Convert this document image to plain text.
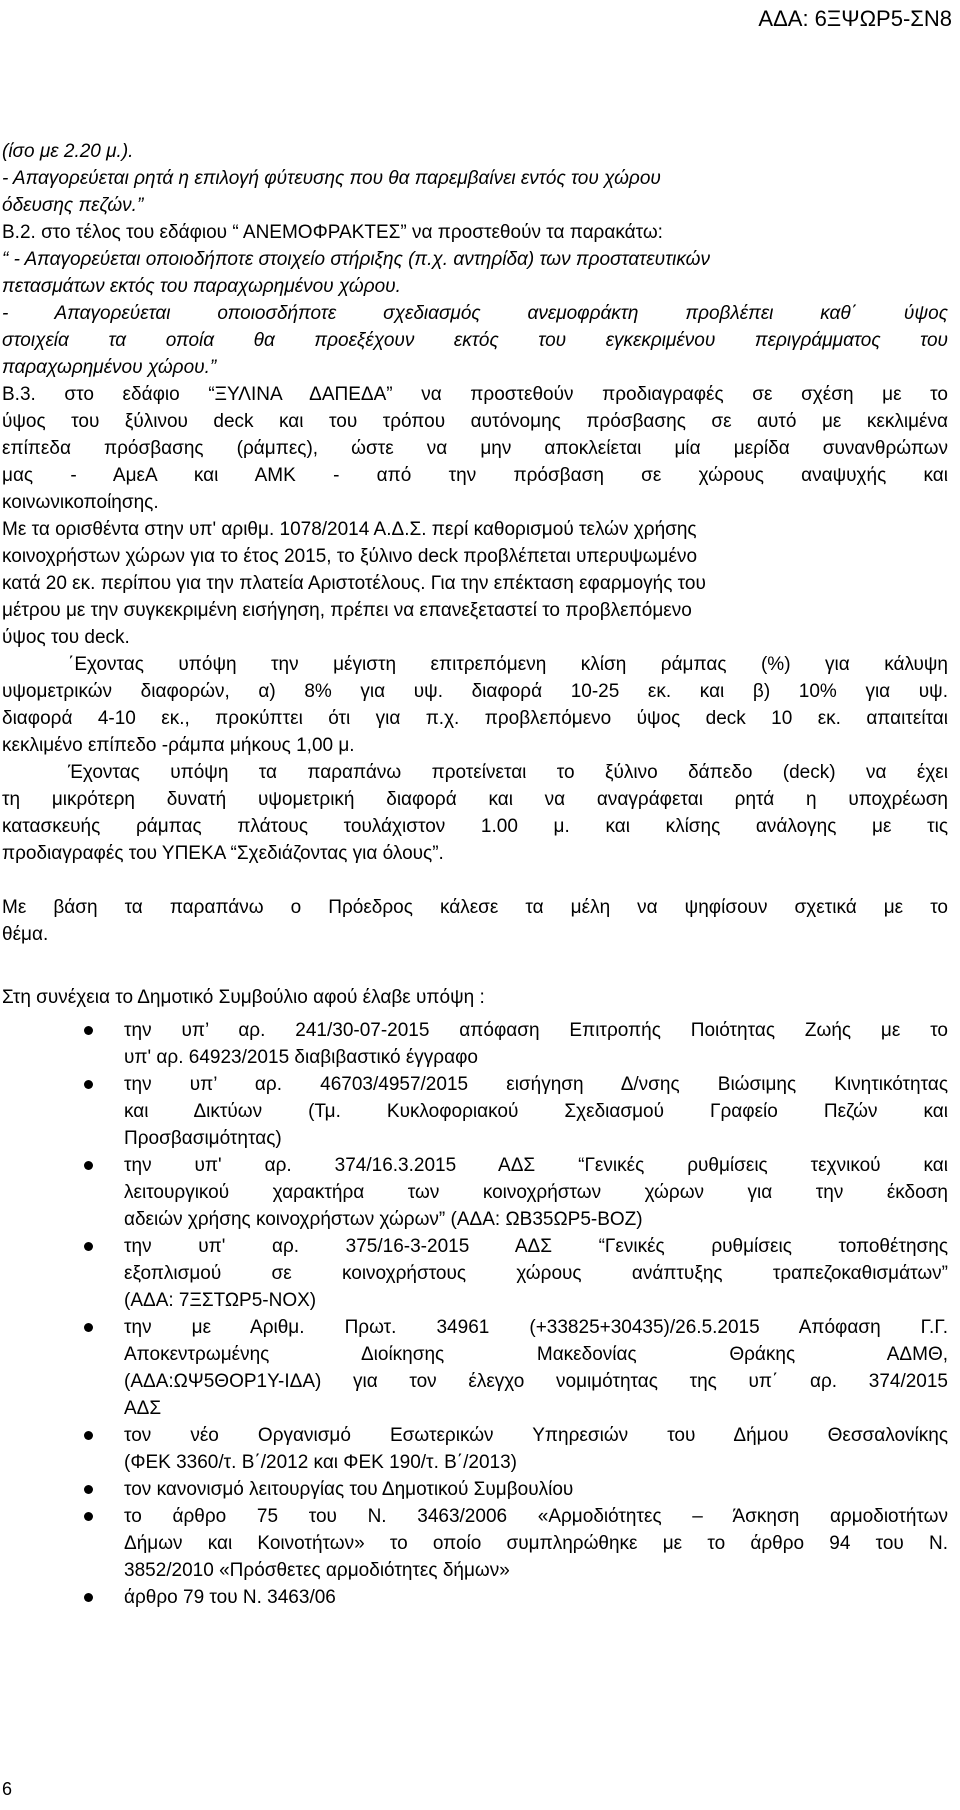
ΑΔΑ: 6ΞΨΩΡ5-ΣΝ8
(ίσο με 2.20 μ.).
- Απαγορεύεται ρητά η επιλογή φύτευσης που θα παρεμβαίνει εντός του χώρου
όδευσης πεζών.”
Β.2. στο τέλος του εδάφιου “ ΑΝΕΜΟΦΡΑΚΤΕΣ” να προστεθούν τα παρακάτω:
“ - Απαγορεύεται οποιοδήποτε στοιχείο στήριξης (π.χ. αντηρίδα) των προστατευτικών
πετασμάτων εκτός του παραχωρημένου χώρου.
- Απαγορεύεται οποιοσδήποτε σχεδιασμός ανεμοφράκτη προβλέπει καθ΄ ύψος
στοιχεία τα οποία θα προεξέχουν εκτός του εγκεκριμένου περιγράμματος του
παραχωρημένου χώρου.”
Β.3. στο εδάφιο “ΞΥΛΙΝΑ ΔΑΠΕΔΑ” να προστεθούν προδιαγραφές σε σχέση με το
ύψος του ξύλινου deck και του τρόπου αυτόνομης πρόσβασης σε αυτό με κεκλιμένα
επίπεδα πρόσβασης (ράμπες), ώστε να μην αποκλείεται μία μερίδα συνανθρώπων
μας - ΑμεΑ και ΑΜΚ - από την πρόσβαση σε χώρους αναψυχής και
κοινωνικοποίησης.
Με τα ορισθέντα στην υπ' αριθμ. 1078/2014 Α.Δ.Σ. περί καθορισμού τελών χρήσης
κοινοχρήστων χώρων για το έτος 2015, το ξύλινο deck προβλέπεται υπερυψωμένο
κατά 20 εκ. περίπου για την πλατεία Αριστοτέλους. Για την επέκταση εφαρμογής του
μέτρου με την συγκεκριμένη εισήγηση, πρέπει να επανεξεταστεί το προβλεπόμενο
ύψος του deck.
΄Εχοντας υπόψη την μέγιστη επιτρεπόμενη κλίση ράμπας (%) για κάλυψη
υψομετρικών διαφορών, α) 8% για υψ. διαφορά 10-25 εκ. και β) 10% για υψ.
διαφορά 4-10 εκ., προκύπτει ότι για π.χ. προβλεπόμενο ύψος deck 10 εκ. απαιτείται
κεκλιμένο επίπεδο -ράμπα μήκους 1,00 μ.
Έχοντας υπόψη τα παραπάνω προτείνεται το ξύλινο δάπεδο (deck) να έχει
τη μικρότερη δυνατή υψομετρική διαφορά και να αναγράφεται ρητά η υποχρέωση
κατασκευής ράμπας πλάτους τουλάχιστον 1.00 μ. και κλίσης ανάλογης με τις
προδιαγραφές του ΥΠΕΚΑ “Σχεδιάζοντας για όλους”.
Με βάση τα παραπάνω ο Πρόεδρος κάλεσε τα μέλη να ψηφίσουν σχετικά με το
θέμα.
Στη συνέχεια το Δημοτικό Συμβούλιο αφού έλαβε υπόψη :
την υπ’ αρ. 241/30-07-2015 απόφαση Επιτροπής Ποιότητας Ζωής με το
υπ' αρ. 64923/2015 διαβιβαστικό έγγραφο
την υπ’ αρ. 46703/4957/2015 εισήγηση Δ/νσης Βιώσιμης Κινητικότητας
και Δικτύων (Τμ. Κυκλοφοριακού Σχεδιασμού Γραφείο Πεζών και
Προσβασιμότητας)
την υπ' αρ. 374/16.3.2015 ΑΔΣ “Γενικές ρυθμίσεις τεχνικού και
λειτουργικού χαρακτήρα των κοινοχρήστων χώρων για την έκδοση
αδειών χρήσης κοινοχρήστων χώρων” (ΑΔΑ: ΩΒ35ΩΡ5-ΒΟΖ)
την υπ' αρ. 375/16-3-2015 ΑΔΣ “Γενικές ρυθμίσεις τοποθέτησης
εξοπλισμού σε κοινοχρήστους χώρους ανάπτυξης τραπεζοκαθισμάτων”
(ΑΔΑ: 7ΞΣΤΩΡ5-ΝΟΧ)
την με Αριθμ. Πρωτ. 34961 (+33825+30435)/26.5.2015 Απόφαση Γ.Γ.
Αποκεντρωμένης Διοίκησης Μακεδονίας Θράκης ΑΔΜΘ,
(ΑΔΑ:ΩΨ5ΘΟΡ1Υ-ΙΔΑ) για τον έλεγχο νομιμότητας της υπ΄ αρ. 374/2015
ΑΔΣ
τον νέο Οργανισμό Εσωτερικών Υπηρεσιών του Δήμου Θεσσαλονίκης
(ΦΕΚ 3360/τ. Β΄/2012 και ΦΕΚ 190/τ. Β΄/2013)
τον κανονισμό λειτουργίας του Δημοτικού Συμβουλίου
το άρθρο 75 του Ν. 3463/2006 «Αρμοδιότητες – Άσκηση αρμοδιοτήτων
Δήμων και Κοινοτήτων» το οποίο συμπληρώθηκε με το άρθρο 94 του Ν.
3852/2010 «Πρόσθετες αρμοδιότητες δήμων»
άρθρο 79 του Ν. 3463/06
6
